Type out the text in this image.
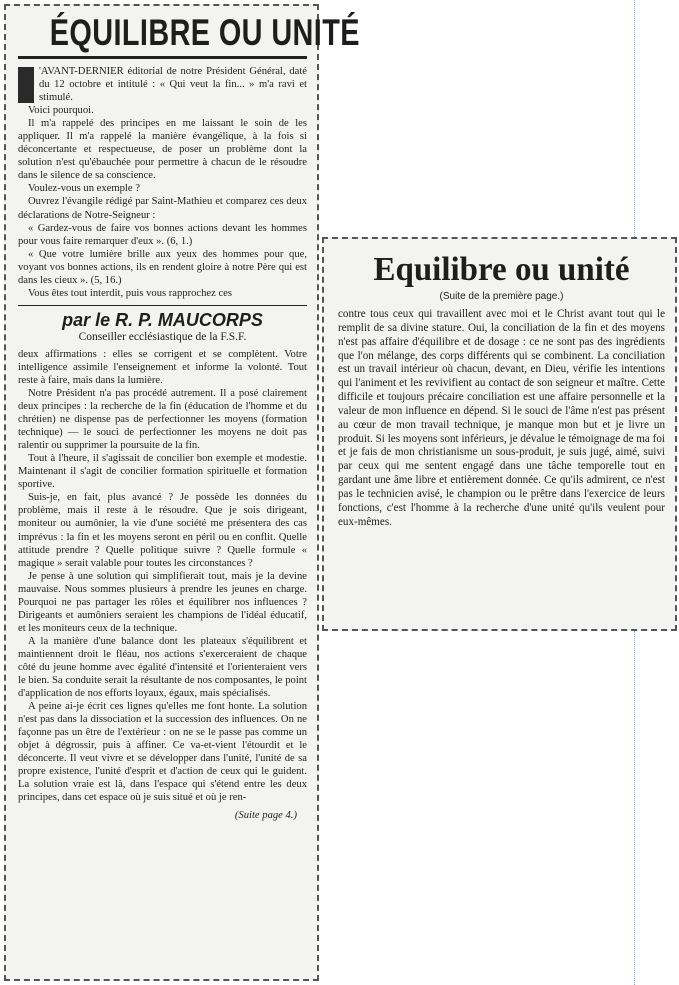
ÉQUILIBRE OU UNITÉ

'AVANT-DERNIER éditorial de notre Président Général, daté du 12 octobre et intitulé : « Qui veut la fin... » m'a ravi et stimulé.

Voici pourquoi.

Il m'a rappelé des principes en me laissant le soin de les appliquer. Il m'a rappelé la manière évangélique, à la fois si déconcertante et respectueuse, de poser un problème dont la solution n'est qu'ébauchée pour permettre à chacun de le résoudre dans le silence de sa conscience.

Voulez-vous un exemple ?

Ouvrez l'évangile rédigé par Saint-Mathieu et comparez ces deux déclarations de Notre-Seigneur :

« Gardez-vous de faire vos bonnes actions devant les hommes pour vous faire remarquer d'eux ». (6, 1.)

« Que votre lumière brille aux yeux des hommes pour que, voyant vos bonnes actions, ils en rendent gloire à notre Père qui est dans les cieux ». (5, 16.)

Vous êtes tout interdit, puis vous rapprochez ces

par le R. P. MAUCORPS
Conseiller ecclésiastique de la F.S.F.

deux affirmations : elles se corrigent et se complètent. Votre intelligence assimile l'enseignement et informe la volonté. Tout reste à faire, mais dans la lumière.

Notre Président n'a pas procédé autrement. Il a posé clairement deux principes : la recherche de la fin (éducation de l'homme et du chrétien) ne dispense pas de perfectionner les moyens (formation technique) — le souci de perfectionner les moyens ne doit pas ralentir ou supprimer la poursuite de la fin.

Tout à l'heure, il s'agissait de concilier bon exemple et modestie. Maintenant il s'agit de concilier formation spirituelle et formation sportive.

Suis-je, en fait, plus avancé ? Je possède les données du problème, mais il reste à le résoudre. Que je sois dirigeant, moniteur ou aumônier, la vie d'une société me présentera des cas imprévus : la fin et les moyens seront en péril ou en conflit. Quelle attitude prendre ? Quelle politique suivre ? Quelle formule « magique » serait valable pour toutes les circonstances ?

Je pense à une solution qui simplifierait tout, mais je la devine mauvaise. Nous sommes plusieurs à prendre les jeunes en charge. Pourquoi ne pas partager les rôles et équilibrer nos influences ? Dirigeants et aumôniers seraient les champions de l'idéal éducatif, et les moniteurs ceux de la technique.

A la manière d'une balance dont les plateaux s'équilibrent et maintiennent droit le fléau, nos actions s'exerceraient de chaque côté du jeune homme avec égalité d'intensité et l'orienteraient vers le bien. Sa conduite serait la résultante de nos composantes, le point d'application de nos efforts loyaux, égaux, mais spécialisés.

A peine ai-je écrit ces lignes qu'elles me font honte. La solution n'est pas dans la dissociation et la succession des influences. On ne façonne pas un être de l'extérieur : on ne se le passe pas comme un objet à dégrossir, puis à affiner. Ce va-et-vient l'étourdit et le déconcerte. Il veut vivre et se développer dans l'unité, l'unité de sa propre existence, l'unité d'esprit et d'action de ceux qui le guident. La solution vraie est là, dans l'espace qui s'étend entre les deux principes, dans cet espace où je suis situé et où je ren-

(Suite page 4.)
Equilibre ou unité
(Suite de la première page.)

contre tous ceux qui travaillent avec moi et le Christ avant tout qui le remplit de sa divine stature. Oui, la conciliation de la fin et des moyens n'est pas affaire d'équilibre et de dosage : ce ne sont pas des ingrédients que l'on mélange, des corps différents qui se combinent. La conciliation est un travail intérieur où chacun, devant, en Dieu, vérifie les intentions qui l'animent et les revivifient au contact de son seigneur et maître. Cette difficile et toujours précaire conciliation est une affaire personnelle et la valeur de mon influence en dépend. Si le souci de l'âme n'est pas présent au cœur de mon travail technique, je manque mon but et je livre un produit. Si les moyens sont inférieurs, je dévalue le témoignage de ma foi et je fais de mon christianisme un sous-produit, je suis jugé, aimé, suivi par ceux qui me sentent engagé dans une tâche temporelle tout en gardant une âme libre et entièrement donnée. Ce qu'ils admirent, ce n'est pas le technicien avisé, le champion ou le prêtre dans l'exercice de leurs fonctions, c'est l'homme à la recherche d'une unité qu'ils veulent pour eux-mêmes.
